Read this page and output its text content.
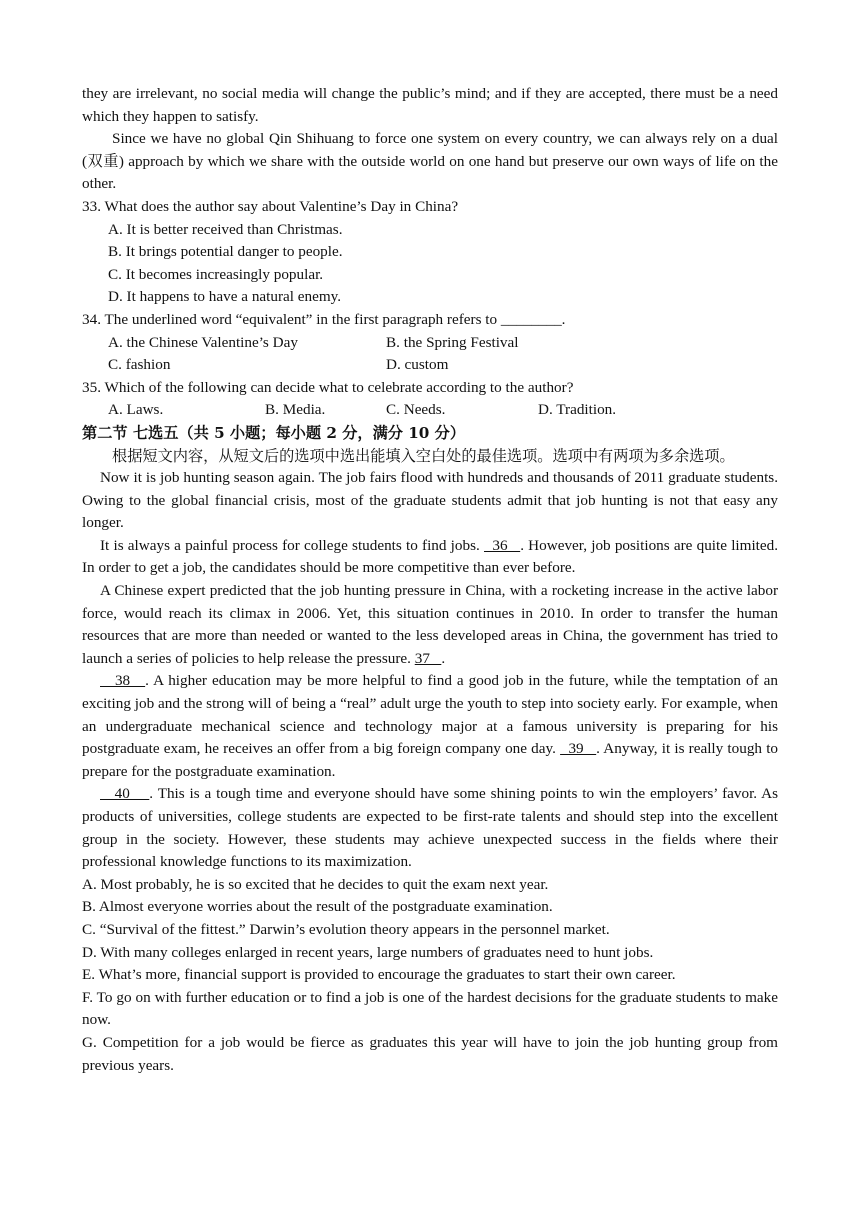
they are irrelevant, no social media will change the public’s mind; and if they are accepted, there must be a need which they happen to satisfy.

Since we have no global Qin Shihuang to force one system on every country, we can always rely on a dual (双重) approach by which we share with the outside world on one hand but preserve our own ways of life on the other.

33. What does the author say about Valentine’s Day in China?

A. It is better received than Christmas.

B. It brings potential danger to people.

C. It becomes increasingly popular.

D. It happens to have a natural enemy.

34. The underlined word “equivalent” in the first paragraph refers to ________.

A. the Chinese Valentine’s Day	B. the Spring Festival
C. fashion	D. custom

35. Which of the following can decide what to celebrate according to the author?

A. Laws.	B. Media.	C. Needs.	D. Tradition.

第二节 七选五（共 5 小题；每小题 2 分，满分 10 分）

根据短文内容，从短文后的选项中选出能填入空白处的最佳选项。选项中有两项为多余选项。

Now it is job hunting season again. The job fairs flood with hundreds and thousands of 2011 graduate students. Owing to the global financial crisis, most of the graduate students admit that job hunting is not that easy any longer.

It is always a painful process for college students to find jobs.   36   . However, job positions are quite limited. In order to get a job, the candidates should be more competitive than ever before.

A Chinese expert predicted that the job hunting pressure in China, with a rocketing increase in the active labor force, would reach its climax in 2006. Yet, this situation continues in 2010. In order to transfer the human resources that are more than needed or wanted to the less developed areas in China, the government has tried to launch a series of policies to help release the pressure. 37   .

38   . A higher education may be more helpful to find a good job in the future, while the temptation of an exciting job and the strong will of being a “real” adult urge the youth to step into society early. For example, when an undergraduate mechanical science and technology major at a famous university is preparing for his postgraduate exam, he receives an offer from a big foreign company one day.   39   . Anyway, it is really tough to prepare for the postgraduate examination.

40    . This is a tough time and everyone should have some shining points to win the employers’ favor. As products of universities, college students are expected to be first-rate talents and should step into the excellent group in the society. However, these students may achieve unexpected success in the fields where their professional knowledge functions to its maximization.

A. Most probably, he is so excited that he decides to quit the exam next year.

B. Almost everyone worries about the result of the postgraduate examination.

C. “Survival of the fittest.” Darwin’s evolution theory appears in the personnel market.

D. With many colleges enlarged in recent years, large numbers of graduates need to hunt jobs.

E. What’s more, financial support is provided to encourage the graduates to start their own career.

F. To go on with further education or to find a job is one of the hardest decisions for the graduate students to make now.

G. Competition for a job would be fierce as graduates this year will have to join the job hunting group from previous years.
